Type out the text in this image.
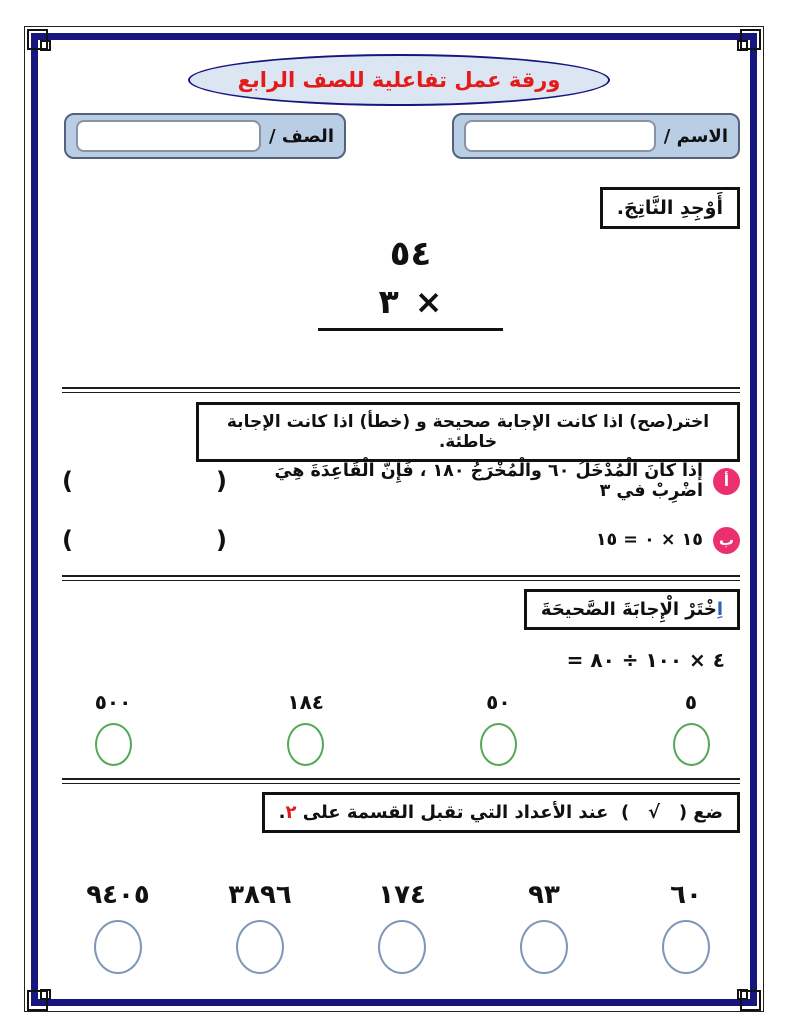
ورقة عمل تفاعلية للصف الرابع
الاسم /
الصف /
أَوْجِدِ النَّاتِجَ.
٥٤
٣ ×
اختر(صح) اذا كانت الإجابة صحيحة و (خطأ) اذا كانت الإجابة خاطئة.
أ
إذا كانَ الْمُدْخَلُ ٦٠ والْمُخْرَجُ ١٨٠ ، فَإِنَّ الْقَاعِدَةَ هِيَ اضْرِبْ في ٣
(	)
ب
١٥ × ٠ = ١٥
(	)
اِخْتَرْ الْإِجابَةَ الصَّحيحَةَ
٤ × ١٠٠ ÷ ٨٠ =
٥
٥٠
١٨٤
٥٠٠
ضع (   √   )  عند الأعداد التي تقبل القسمة على ٢.
٦٠
٩٣
١٧٤
٣٨٩٦
٩٤٠٥
